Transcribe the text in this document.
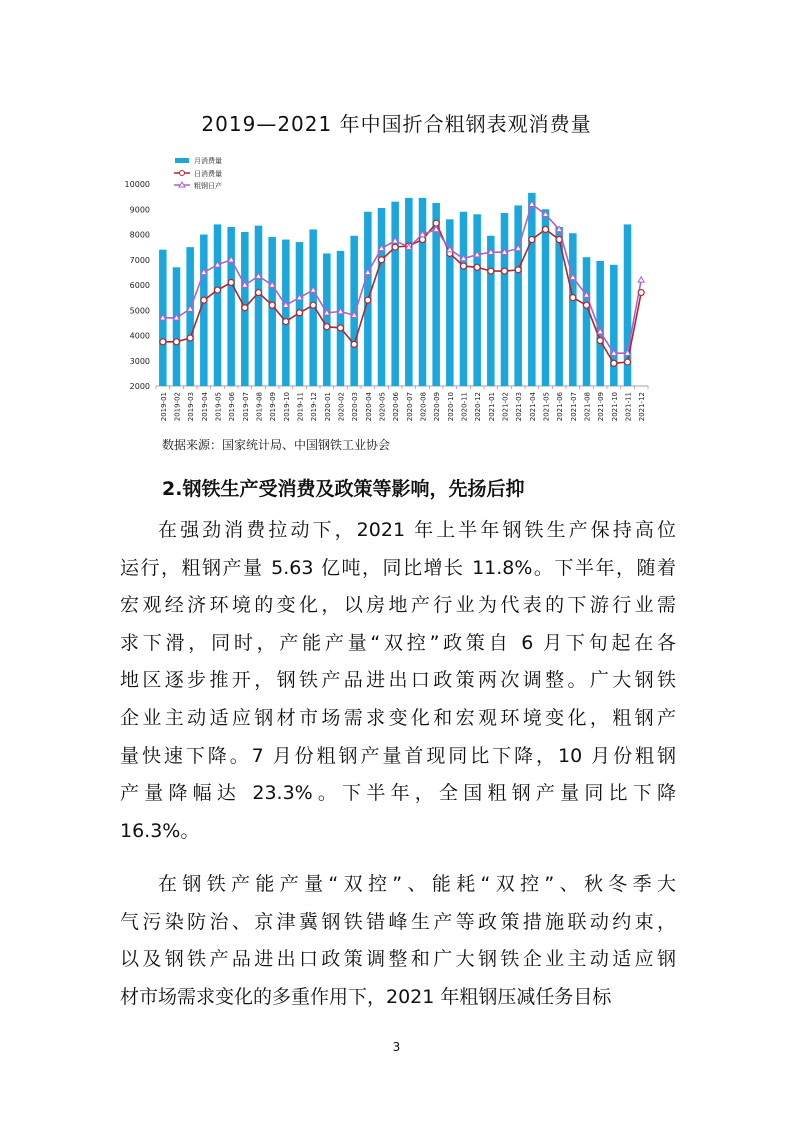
2019—2021 年中国折合粗钢表观消费量
月消费量
日消费量
粗钢日产
2000
3000
4000
5000
6000
7000
8000
9000
10000
2019-01 2019-02 2019-03 2019-04 2019-05 2019-06 2019-07 2019-08 2019-09 2019-10 2019-11 2019-12 2020-01 2020-02 2020-03 2020-04 2020-05 2020-06 2020-07 2020-08 2020-09 2020-10 2020-11 2020-12 2021-01 2021-02 2021-03 2021-04 2021-05 2021-06 2021-07 2021-08 2021-09 2021-10 2021-11 2021-12
数据来源：国家统计局、中国钢铁工业协会
2.钢铁生产受消费及政策等影响，先扬后抑
在强劲消费拉动下，2021 年上半年钢铁生产保持高位
运行，粗钢产量 5.63 亿吨，同比增长 11.8%。下半年，随着
宏观经济环境的变化，以房地产行业为代表的下游行业需
求下滑，同时，产能产量“双控”政策自 6 月下旬起在各
地区逐步推开，钢铁产品进出口政策两次调整。广大钢铁
企业主动适应钢材市场需求变化和宏观环境变化，粗钢产
量快速下降。7 月份粗钢产量首现同比下降，10 月份粗钢
产量降幅达 23.3%。下半年，全国粗钢产量同比下降
16.3%。
在钢铁产能产量“双控”、能耗“双控”、秋冬季大
气污染防治、京津冀钢铁错峰生产等政策措施联动约束，
以及钢铁产品进出口政策调整和广大钢铁企业主动适应钢
材市场需求变化的多重作用下，2021 年粗钢压减任务目标
3
